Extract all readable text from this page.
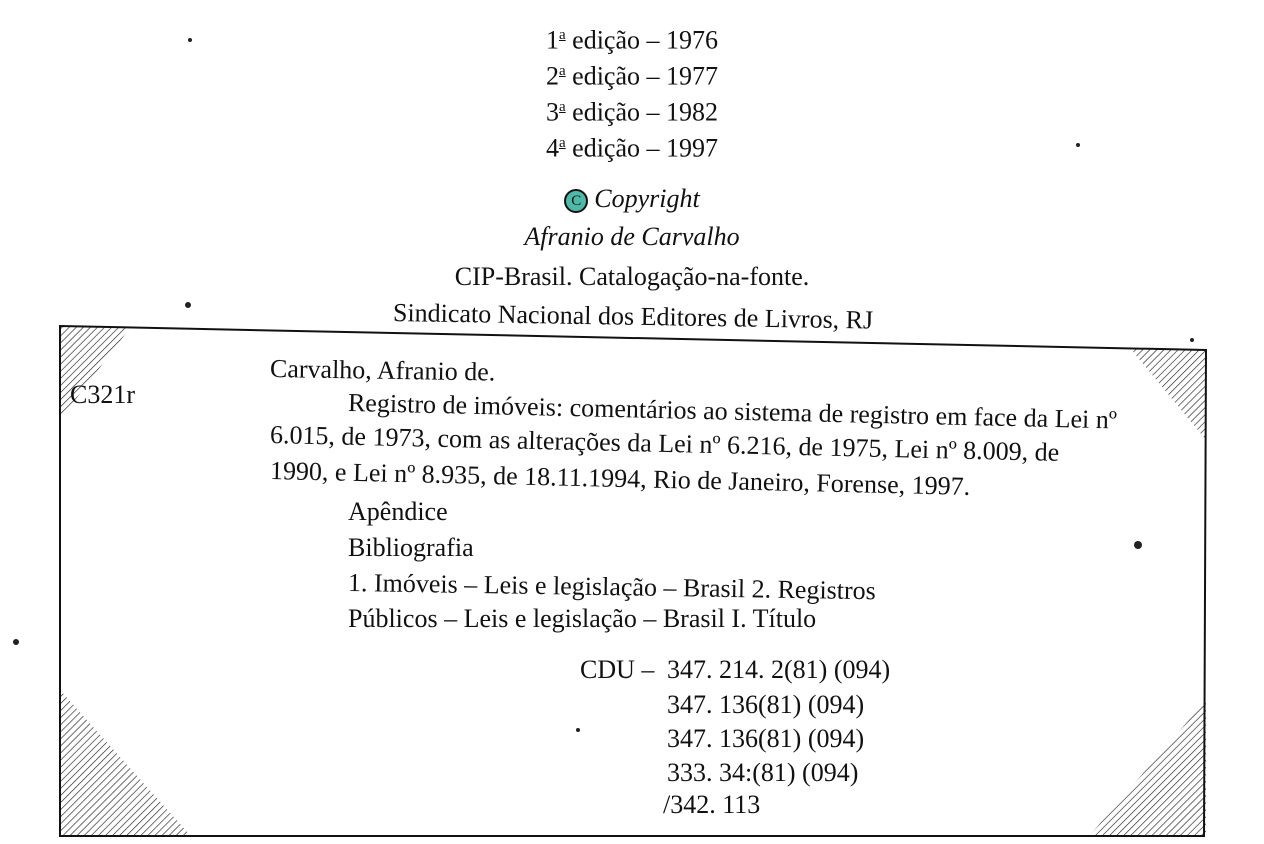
1$^a$ edição – 1976
2$^a$ edição – 1977
3$^a$ edição – 1982
4$^a$ edição – 1997
C Copyright
Afranio de Carvalho
CIP-Brasil. Catalogação-na-fonte.
Sindicato Nacional dos Editores de Livros, RJ
C321r
Carvalho, Afranio de.
Registro de imóveis: comentários ao sistema de registro em face da Lei nº
6.015, de 1973, com as alterações da Lei nº 6.216, de 1975, Lei nº 8.009, de
1990, e Lei nº 8.935, de 18.11.1994, Rio de Janeiro, Forense, 1997.
Apêndice
Bibliografia
1. Imóveis – Leis e legislação – Brasil 2. Registros
Públicos – Leis e legislação – Brasil I. Título
CDU – 347. 214. 2(81) (094)
347. 136(81) (094)
347. 136(81) (094)
333. 34:(81) (094)
/342. 113
